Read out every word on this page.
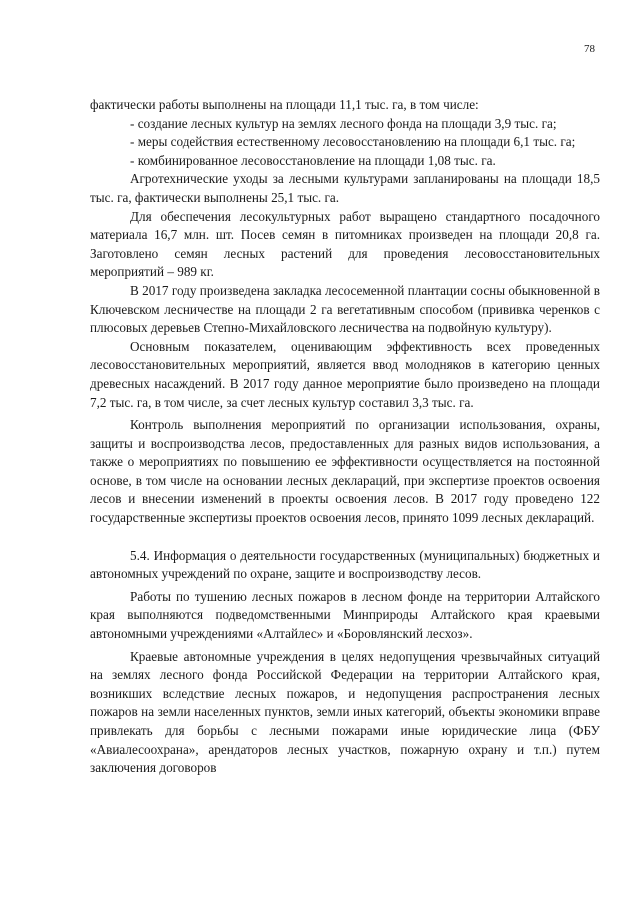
78

фактически работы выполнены на площади 11,1 тыс. га, в том числе:

- создание лесных культур на землях лесного фонда на площади 3,9 тыс. га;

- меры содействия естественному лесовосстановлению на площади 6,1 тыс. га;

- комбинированное лесовосстановление на площади 1,08 тыс. га.

Агротехнические уходы за лесными культурами запланированы на площади 18,5 тыс. га, фактически выполнены 25,1 тыс. га.

Для обеспечения лесокультурных работ выращено стандартного посадочного материала 16,7 млн. шт. Посев семян в питомниках произведен на площади 20,8 га. Заготовлено семян лесных растений для проведения лесовосстановительных мероприятий – 989 кг.

В 2017 году произведена закладка лесосеменной плантации сосны обыкновенной в Ключевском лесничестве на площади 2 га вегетативным способом (прививка черенков с плюсовых деревьев Степно-Михайловского лесничества на подвойную культуру).

Основным показателем, оценивающим эффективность всех проведенных лесовосстановительных мероприятий, является ввод молодняков в категорию ценных древесных насаждений. В 2017 году данное мероприятие было произведено на площади 7,2 тыс. га, в том числе, за счет лесных культур составил 3,3 тыс. га.

Контроль выполнения мероприятий по организации использования, охраны, защиты и воспроизводства лесов, предоставленных для разных видов использования, а также о мероприятиях по повышению ее эффективности осуществляется на постоянной основе, в том числе на основании лесных деклараций, при экспертизе проектов освоения лесов и внесении изменений в проекты освоения лесов. В 2017 году проведено 122 государственные экспертизы проектов освоения лесов, принято 1099 лесных деклараций.

5.4. Информация о деятельности государственных (муниципальных) бюджетных и автономных учреждений по охране, защите и воспроизводству лесов.

Работы по тушению лесных пожаров в лесном фонде на территории Алтайского края выполняются подведомственными Минприроды Алтайского края краевыми автономными учреждениями «Алтайлес» и «Боровлянский лесхоз».

Краевые автономные учреждения в целях недопущения чрезвычайных ситуаций на землях лесного фонда Российской Федерации на территории Алтайского края, возникших вследствие лесных пожаров, и недопущения распространения лесных пожаров на земли населенных пунктов, земли иных категорий, объекты экономики вправе привлекать для борьбы с лесными пожарами иные юридические лица (ФБУ «Авиалесоохрана», арендаторов лесных участков, пожарную охрану и т.п.) путем заключения договоров
